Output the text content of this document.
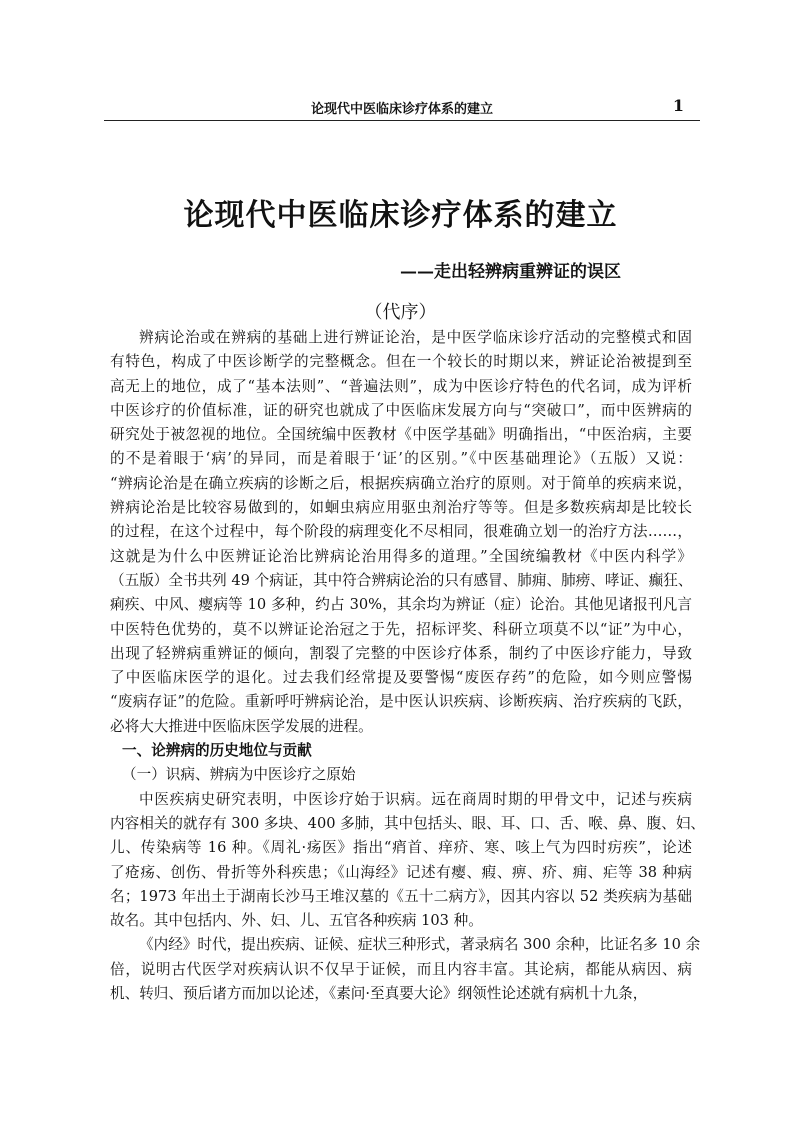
论现代中医临床诊疗体系的建立	1
论现代中医临床诊疗体系的建立
——走出轻辨病重辨证的误区
（代序）
辨病论治或在辨病的基础上进行辨证论治，是中医学临床诊疗活动的完整模式和固
有特色，构成了中医诊断学的完整概念。但在一个较长的时期以来，辨证论治被提到至
高无上的地位，成了“基本法则”、“普遍法则”，成为中医诊疗特色的代名词，成为评析
中医诊疗的价值标准，证的研究也就成了中医临床发展方向与“突破口”，而中医辨病的
研究处于被忽视的地位。全国统编中医教材《中医学基础》明确指出，“中医治病，主要
的不是着眼于‘病’的异同，而是着眼于‘证’的区别。”《中医基础理论》（五版）又说：
“辨病论治是在确立疾病的诊断之后，根据疾病确立治疗的原则。对于简单的疾病来说，
辨病论治是比较容易做到的，如蛔虫病应用驱虫剂治疗等等。但是多数疾病却是比较长
的过程，在这个过程中，每个阶段的病理变化不尽相同，很难确立划一的治疗方法……，
这就是为什么中医辨证论治比辨病论治用得多的道理。”全国统编教材《中医内科学》
（五版）全书共列 49 个病证，其中符合辨病论治的只有感冒、肺痈、肺痨、哮证、癫狂、
痢疾、中风、瘿病等 10 多种，约占 30%，其余均为辨证（症）论治。其他见诸报刊凡言
中医特色优势的，莫不以辨证论治冠之于先，招标评奖、科研立项莫不以“证”为中心，
出现了轻辨病重辨证的倾向，割裂了完整的中医诊疗体系，制约了中医诊疗能力，导致
了中医临床医学的退化。过去我们经常提及要警惕“废医存药”的危险，如今则应警惕
“废病存证”的危险。重新呼吁辨病论治，是中医认识疾病、诊断疾病、治疗疾病的飞跃，
必将大大推进中医临床医学发展的进程。
一、论辨病的历史地位与贡献
（一）识病、辨病为中医诊疗之原始
中医疾病史研究表明，中医诊疗始于识病。远在商周时期的甲骨文中，记述与疾病
内容相关的就存有 300 多块、400 多肺，其中包括头、眼、耳、口、舌、喉、鼻、腹、妇、
儿、传染病等 16 种。《周礼·疡医》指出“痟首、痒疥、寒、咳上气为四时疠疾”，论述
了疮疡、创伤、骨折等外科疾患；《山海经》记述有瘿、瘕、痹、疥、痈、疟等 38 种病
名；1973 年出土于湖南长沙马王堆汉墓的《五十二病方》，因其内容以 52 类疾病为基础
故名。其中包括内、外、妇、儿、五官各种疾病 103 种。
《内经》时代，提出疾病、证候、症状三种形式，著录病名 300 余种，比证名多 10 余
倍，说明古代医学对疾病认识不仅早于证候，而且内容丰富。其论病，都能从病因、病
机、转归、预后诸方而加以论述，《素问·至真要大论》纲领性论述就有病机十九条，
